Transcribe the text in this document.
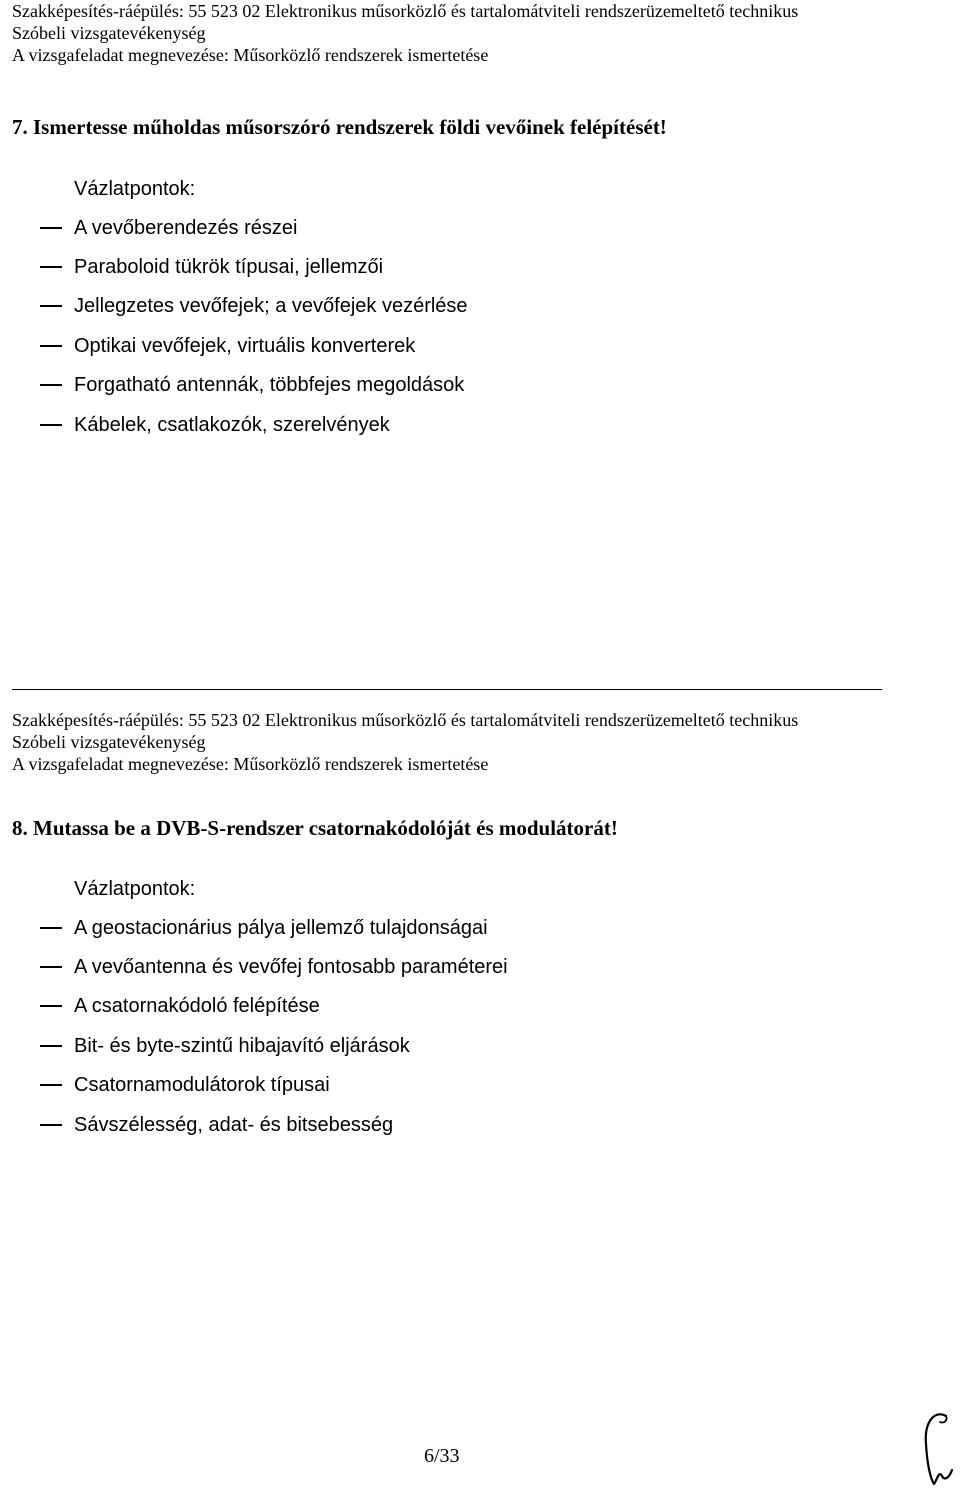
Szakképesítés-ráépülés: 55 523 02 Elektronikus műsorközlő és tartalomátviteli rendszerüzemeltető technikus
Szóbeli vizsgatevékenység
A vizsgafeladat megnevezése: Műsorközlő rendszerek ismertetése
7. Ismertesse műholdas műsorszóró rendszerek földi vevőinek felépítését!
Vázlatpontok:
A vevőberendezés részei
Paraboloid tükrök típusai, jellemzői
Jellegzetes vevőfejek; a vevőfejek vezérlése
Optikai vevőfejek, virtuális konverterek
Forgatható antennák, többfejes megoldások
Kábelek, csatlakozók, szerelvények
Szakképesítés-ráépülés: 55 523 02 Elektronikus műsorközlő és tartalomátviteli rendszerüzemeltető technikus
Szóbeli vizsgatevékenység
A vizsgafeladat megnevezése: Műsorközlő rendszerek ismertetése
8. Mutassa be a DVB-S-rendszer csatornakódolóját és modulátorát!
Vázlatpontok:
A geostacionárius pálya jellemző tulajdonságai
A vevőantenna és vevőfej fontosabb paraméterei
A csatornakódoló felépítése
Bit- és byte-szintű hibajavító eljárások
Csatornamodulátorok típusai
Sávszélesség, adat- és bitsebesség
6/33
